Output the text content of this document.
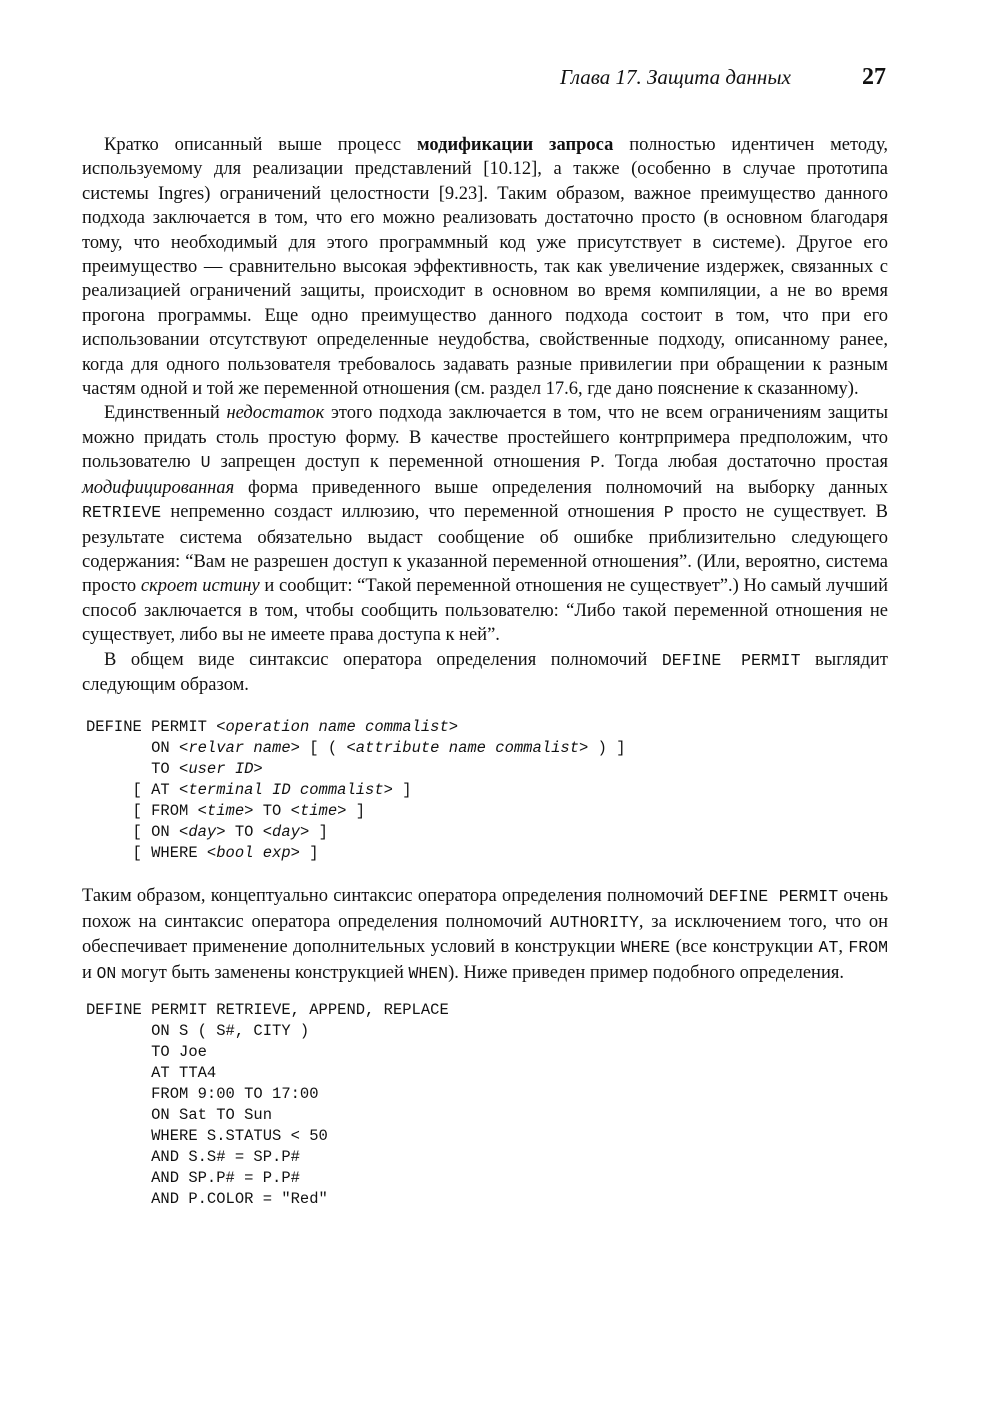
Глава 17. Защита данных	27

Кратко описанный выше процесс модификации запроса полностью идентичен методу, используемому для реализации представлений [10.12], а также (особенно в случае прототипа системы Ingres) ограничений целостности [9.23]. Таким образом, важное преимущество данного подхода заключается в том, что его можно реализовать достаточно просто (в основном благодаря тому, что необходимый для этого программный код уже присутствует в системе). Другое его преимущество — сравнительно высокая эффективность, так как увеличение издержек, связанных с реализацией ограничений защиты, происходит в основном во время компиляции, а не во время прогона программы. Еще одно преимущество данного подхода состоит в том, что при его использовании отсутствуют определенные неудобства, свойственные подходу, описанному ранее, когда для одного пользователя требовалось задавать разные привилегии при обращении к разным частям одной и той же переменной отношения (см. раздел 17.6, где дано пояснение к сказанному).

Единственный недостаток этого подхода заключается в том, что не всем ограничениям защиты можно придать столь простую форму. В качестве простейшего контрпримера предположим, что пользователю U запрещен доступ к переменной отношения P. Тогда любая достаточно простая модифицированная форма приведенного выше определения полномочий на выборку данных RETRIEVE непременно создаст иллюзию, что переменной отношения P просто не существует. В результате система обязательно выдаст сообщение об ошибке приблизительно следующего содержания: “Вам не разрешен доступ к указанной переменной отношения”. (Или, вероятно, система просто скроет истину и сообщит: “Такой переменной отношения не существует”.) Но самый лучший способ заключается в том, чтобы сообщить пользователю: “Либо такой переменной отношения не существует, либо вы не имеете права доступа к ней”.

В общем виде синтаксис оператора определения полномочий DEFINE PERMIT выглядит следующим образом.

DEFINE PERMIT <operation name commalist>
ON <relvar name> [ ( <attribute name commalist> ) ]
TO <user ID>
[ AT <terminal ID commalist> ]
[ FROM <time> TO <time> ]
[ ON <day> TO <day> ]
[ WHERE <bool exp> ]

Таким образом, концептуально синтаксис оператора определения полномочий DEFINE PERMIT очень похож на синтаксис оператора определения полномочий AUTHORITY, за исключением того, что он обеспечивает применение дополнительных условий в конструкции WHERE (все конструкции AT, FROM и ON могут быть заменены конструкцией WHEN). Ниже приведен пример подобного определения.

DEFINE PERMIT RETRIEVE, APPEND, REPLACE
ON S ( S#, CITY )
TO Joe
AT TTA4
FROM 9:00 TO 17:00
ON Sat TO Sun
WHERE S.STATUS < 50
AND S.S# = SP.P#
AND SP.P# = P.P#
AND P.COLOR = "Red"
